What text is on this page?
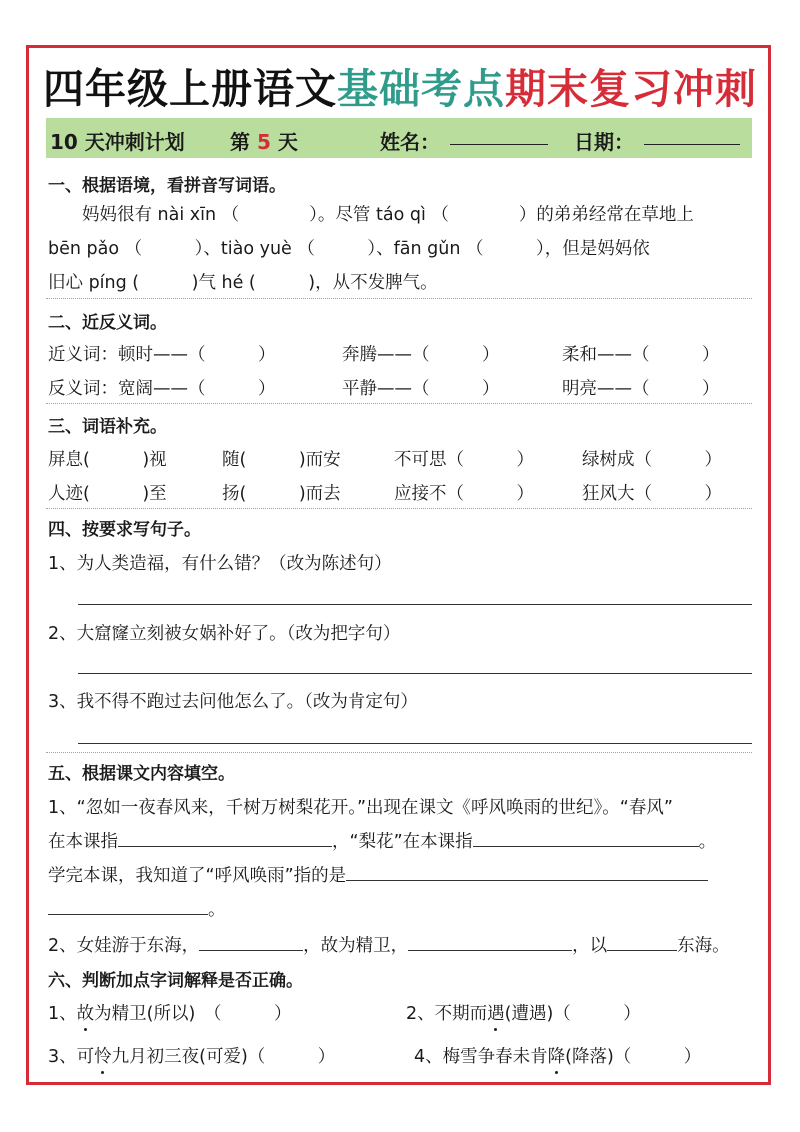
四年级上册语文基础考点期末复习冲刺
10 天冲刺计划 第 5 天	姓名：	日期：
一、根据语境，看拼音写词语。
妈妈很有 nài xīn （　　　　）。尽管 táo qì （　　　　）的弟弟经常在草地上
bēn pǎo （　　　）、tiào yuè （　　　）、fān gǔn （　　　），但是妈妈依
旧心 píng (　　　)气 hé (　　　)，从不发脾气。
二、近反义词。
近义词：顿时——（　　　）	奔腾——（　　　）	柔和——（　　　）
反义词：宽阔——（　　　）	平静——（　　　）	明亮——（　　　）
三、词语补充。
屏息(　　　)视	随(　　　)而安	不可思（　　　）	绿树成（　　　）
人迹(　　　)至	扬(　　　)而去	应接不（　　　）	狂风大（　　　）
四、按要求写句子。
1、为人类造福，有什么错？（改为陈述句）
2、大窟窿立刻被女娲补好了。（改为把字句）
3、我不得不跑过去问他怎么了。（改为肯定句）
五、根据课文内容填空。
1、“忽如一夜春风来，千树万树梨花开。”出现在课文《呼风唤雨的世纪》。“春风”
在本课指	，“梨花”在本课指	。
学完本课，我知道了“呼风唤雨”指的是
。
2、女娃游于东海，	，故为精卫，	，以	东海。
六、判断加点字词解释是否正确。
1、故为精卫(所以)　（　　　）	2、不期而遇(遭遇)（　　　）
3、可怜九月初三夜(可爱)（　　　）	4、梅雪争春未肯降(降落)（　　　）
